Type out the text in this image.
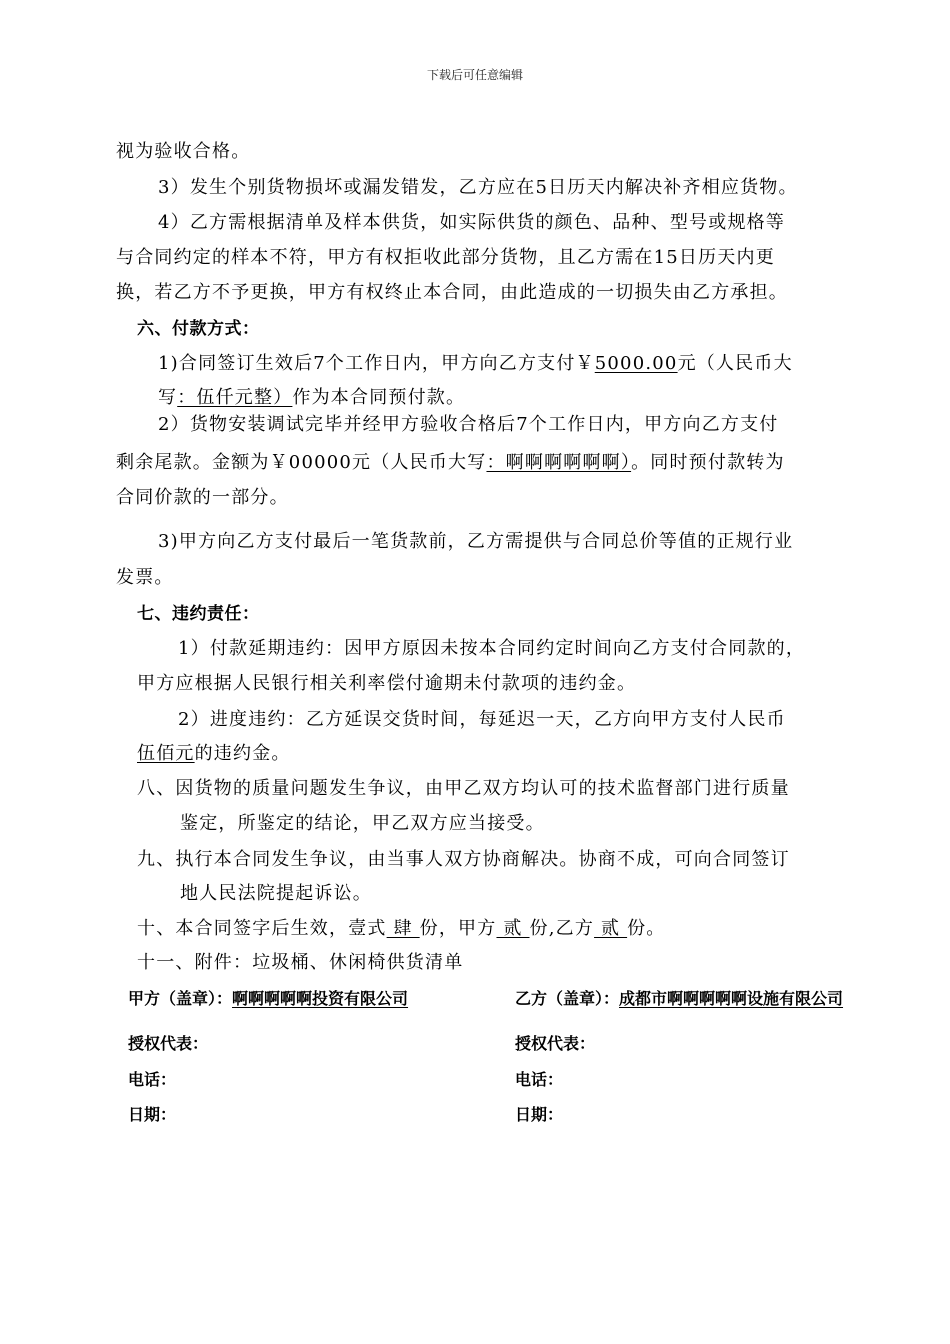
下载后可任意编辑
视为验收合格。
3）发生个别货物损坏或漏发错发，乙方应在5日历天内解决补齐相应货物。
4）乙方需根据清单及样本供货，如实际供货的颜色、品种、型号或规格等
与合同约定的样本不符，甲方有权拒收此部分货物，且乙方需在15日历天内更
换，若乙方不予更换，甲方有权终止本合同，由此造成的一切损失由乙方承担。
六、付款方式：
1)合同签订生效后7个工作日内，甲方向乙方支付￥5000.00元（人民币大
写：伍仟元整）作为本合同预付款。
2）货物安装调试完毕并经甲方验收合格后7个工作日内，甲方向乙方支付
剩余尾款。金额为￥00000元（人民币大写：啊啊啊啊啊啊）。同时预付款转为
合同价款的一部分。
3)甲方向乙方支付最后一笔货款前，乙方需提供与合同总价等值的正规行业
发票。
七、违约责任：
1）付款延期违约：因甲方原因未按本合同约定时间向乙方支付合同款的，
甲方应根据人民银行相关利率偿付逾期未付款项的违约金。
2）进度违约：乙方延误交货时间，每延迟一天，乙方向甲方支付人民币
伍佰元的违约金。
八、因货物的质量问题发生争议，由甲乙双方均认可的技术监督部门进行质量
鉴定，所鉴定的结论，甲乙双方应当接受。
九、执行本合同发生争议，由当事人双方协商解决。协商不成，可向合同签订
地人民法院提起诉讼。
十、本合同签字后生效，壹式 肆 份，甲方 贰 份,乙方 贰 份。
十一、附件：垃圾桶、休闲椅供货清单
甲方（盖章）：啊啊啊啊啊投资有限公司	乙方（盖章）：成都市啊啊啊啊啊设施有限公司
授权代表：	授权代表：
电话：	电话：
日期：	日期：
